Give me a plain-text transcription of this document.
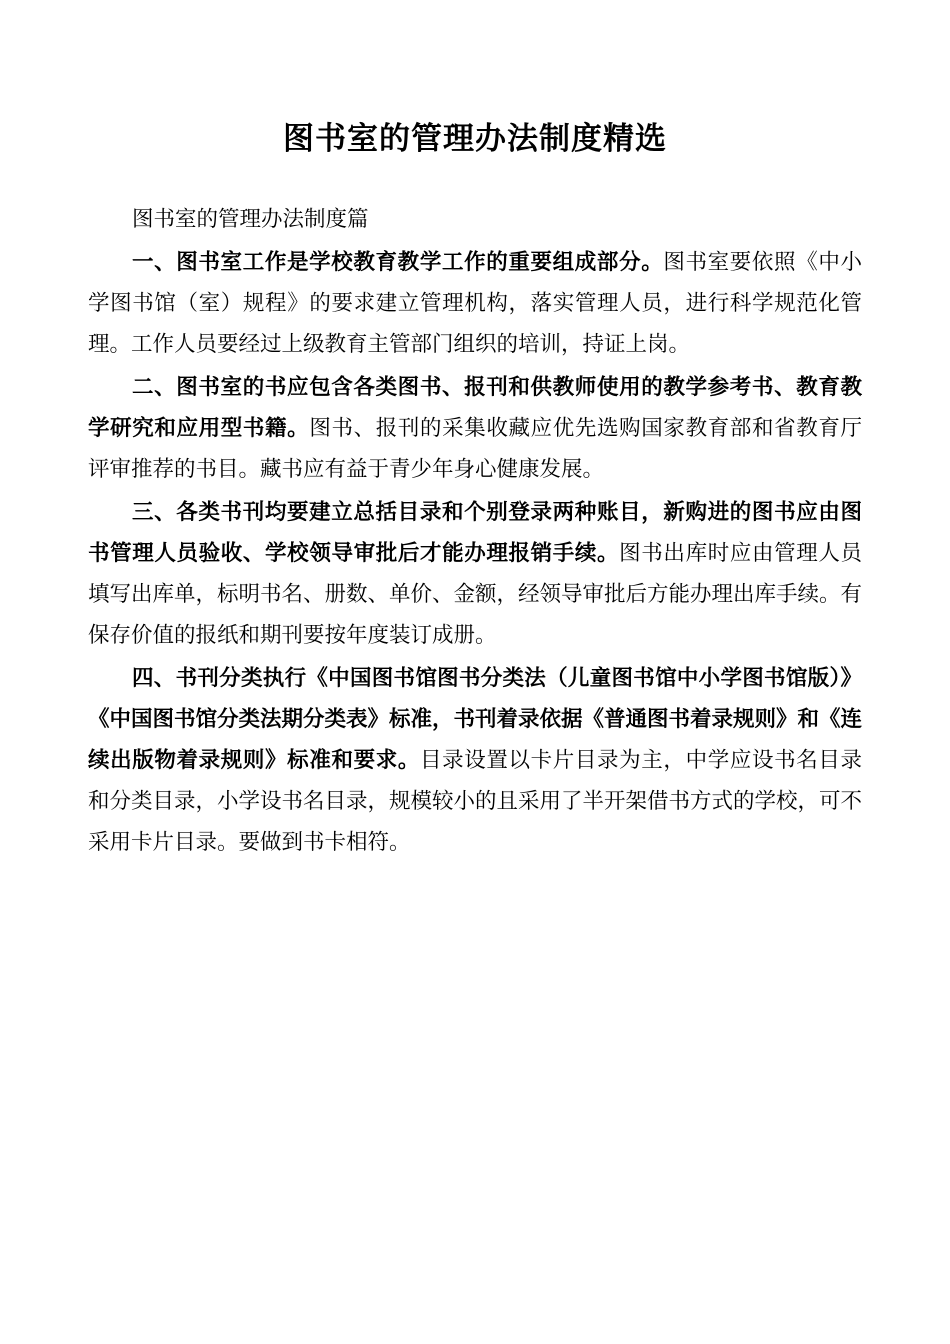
图书室的管理办法制度精选

图书室的管理办法制度篇

一、图书室工作是学校教育教学工作的重要组成部分。图书室要依照《中小学图书馆（室）规程》的要求建立管理机构，落实管理人员，进行科学规范化管理。工作人员要经过上级教育主管部门组织的培训，持证上岗。

二、图书室的书应包含各类图书、报刊和供教师使用的教学参考书、教育教学研究和应用型书籍。图书、报刊的采集收藏应优先选购国家教育部和省教育厅评审推荐的书目。藏书应有益于青少年身心健康发展。

三、各类书刊均要建立总括目录和个别登录两种账目，新购进的图书应由图书管理人员验收、学校领导审批后才能办理报销手续。图书出库时应由管理人员填写出库单，标明书名、册数、单价、金额，经领导审批后方能办理出库手续。有保存价值的报纸和期刊要按年度装订成册。

四、书刊分类执行《中国图书馆图书分类法（儿童图书馆中小学图书馆版）》《中国图书馆分类法期分类表》标准，书刊着录依据《普通图书着录规则》和《连续出版物着录规则》标准和要求。目录设置以卡片目录为主，中学应设书名目录和分类目录，小学设书名目录，规模较小的且采用了半开架借书方式的学校，可不采用卡片目录。要做到书卡相符。
